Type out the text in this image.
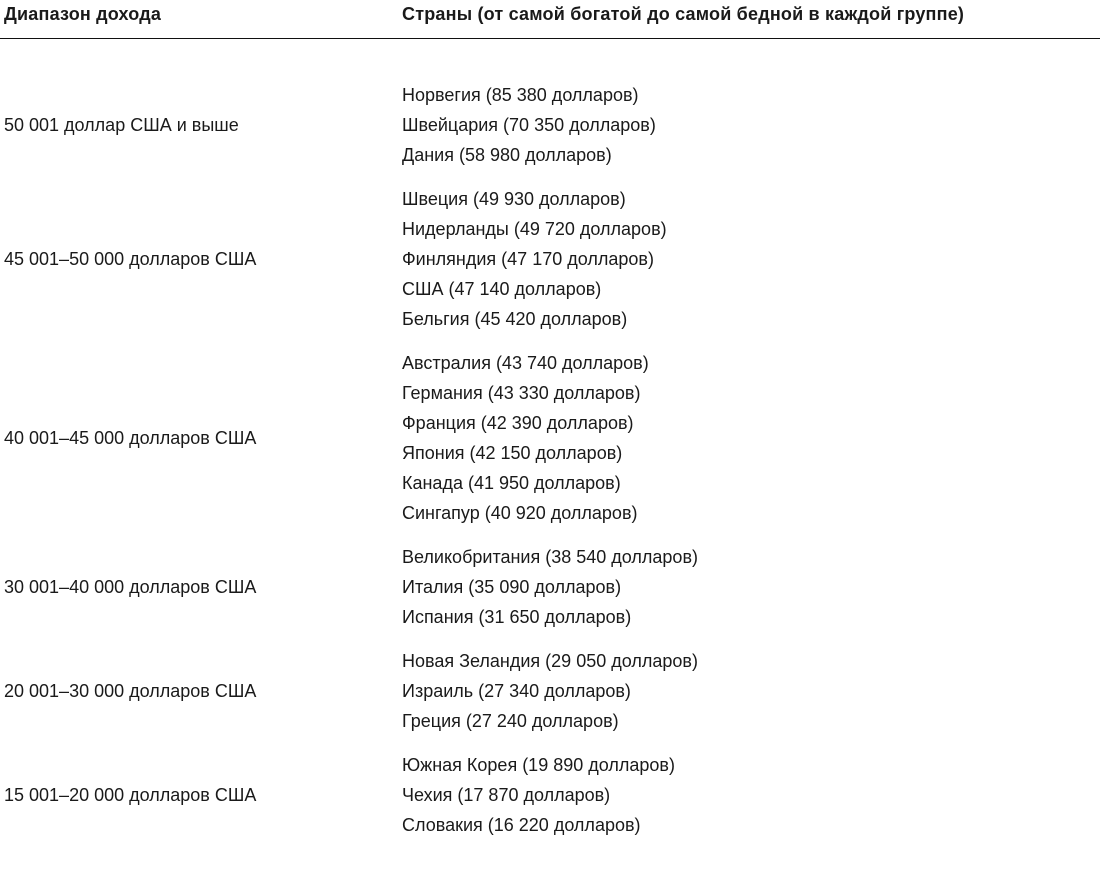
Диапазон дохода	Страны (от самой богатой до самой бедной в каждой группе)
50 001 доллар США и выше
Норвегия (85 380 долларов)
Швейцария (70 350 долларов)
Дания (58 980 долларов)
45 001–50 000 долларов США
Швеция (49 930 долларов)
Нидерланды (49 720 долларов)
Финляндия (47 170 долларов)
США (47 140 долларов)
Бельгия (45 420 долларов)
40 001–45 000 долларов США
Австралия (43 740 долларов)
Германия (43 330 долларов)
Франция (42 390 долларов)
Япония (42 150 долларов)
Канада (41 950 долларов)
Сингапур (40 920 долларов)
30 001–40 000 долларов США
Великобритания (38 540 долларов)
Италия (35 090 долларов)
Испания (31 650 долларов)
20 001–30 000 долларов США
Новая Зеландия (29 050 долларов)
Израиль (27 340 долларов)
Греция (27 240 долларов)
15 001–20 000 долларов США
Южная Корея (19 890 долларов)
Чехия (17 870 долларов)
Словакия (16 220 долларов)
